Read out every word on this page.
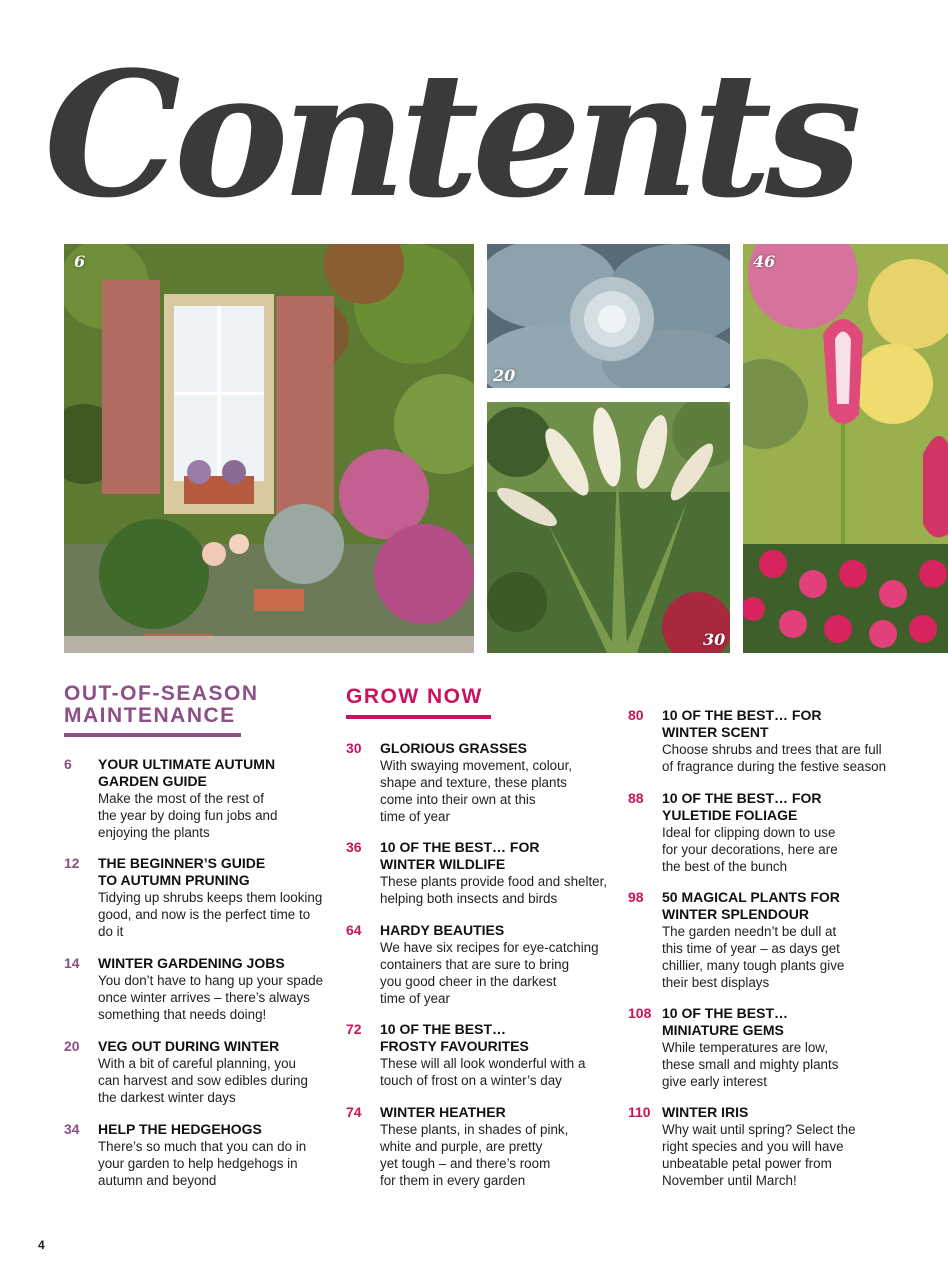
Contents
6
20
30
46
OUT-OF-SEASON
MAINTENANCE
6 YOUR ULTIMATE AUTUMN
GARDEN GUIDE
Make the most of the rest of
the year by doing fun jobs and
enjoying the plants
12 THE BEGINNER’S GUIDE
TO AUTUMN PRUNING
Tidying up shrubs keeps them looking
good, and now is the perfect time to
do it
14 WINTER GARDENING JOBS
You don’t have to hang up your spade
once winter arrives – there’s always
something that needs doing!
20 VEG OUT DURING WINTER
With a bit of careful planning, you
can harvest and sow edibles during
the darkest winter days
34 HELP THE HEDGEHOGS
There’s so much that you can do in
your garden to help hedgehogs in
autumn and beyond
GROW NOW
30 GLORIOUS GRASSES
With swaying movement, colour,
shape and texture, these plants
come into their own at this
time of year
36 10 OF THE BEST… FOR
WINTER WILDLIFE
These plants provide food and shelter,
helping both insects and birds
64 HARDY BEAUTIES
We have six recipes for eye-catching
containers that are sure to bring
you good cheer in the darkest
time of year
72 10 OF THE BEST…
FROSTY FAVOURITES
These will all look wonderful with a
touch of frost on a winter’s day
74 WINTER HEATHER
These plants, in shades of pink,
white and purple, are pretty
yet tough – and there’s room
for them in every garden
80 10 OF THE BEST… FOR
WINTER SCENT
Choose shrubs and trees that are full
of fragrance during the festive season
88 10 OF THE BEST… FOR
YULETIDE FOLIAGE
Ideal for clipping down to use
for your decorations, here are
the best of the bunch
98 50 MAGICAL PLANTS FOR
WINTER SPLENDOUR
The garden needn’t be dull at
this time of year – as days get
chillier, many tough plants give
their best displays
108 10 OF THE BEST…
MINIATURE GEMS
While temperatures are low,
these small and mighty plants
give early interest
110 WINTER IRIS
Why wait until spring? Select the
right species and you will have
unbeatable petal power from
November until March!
4
